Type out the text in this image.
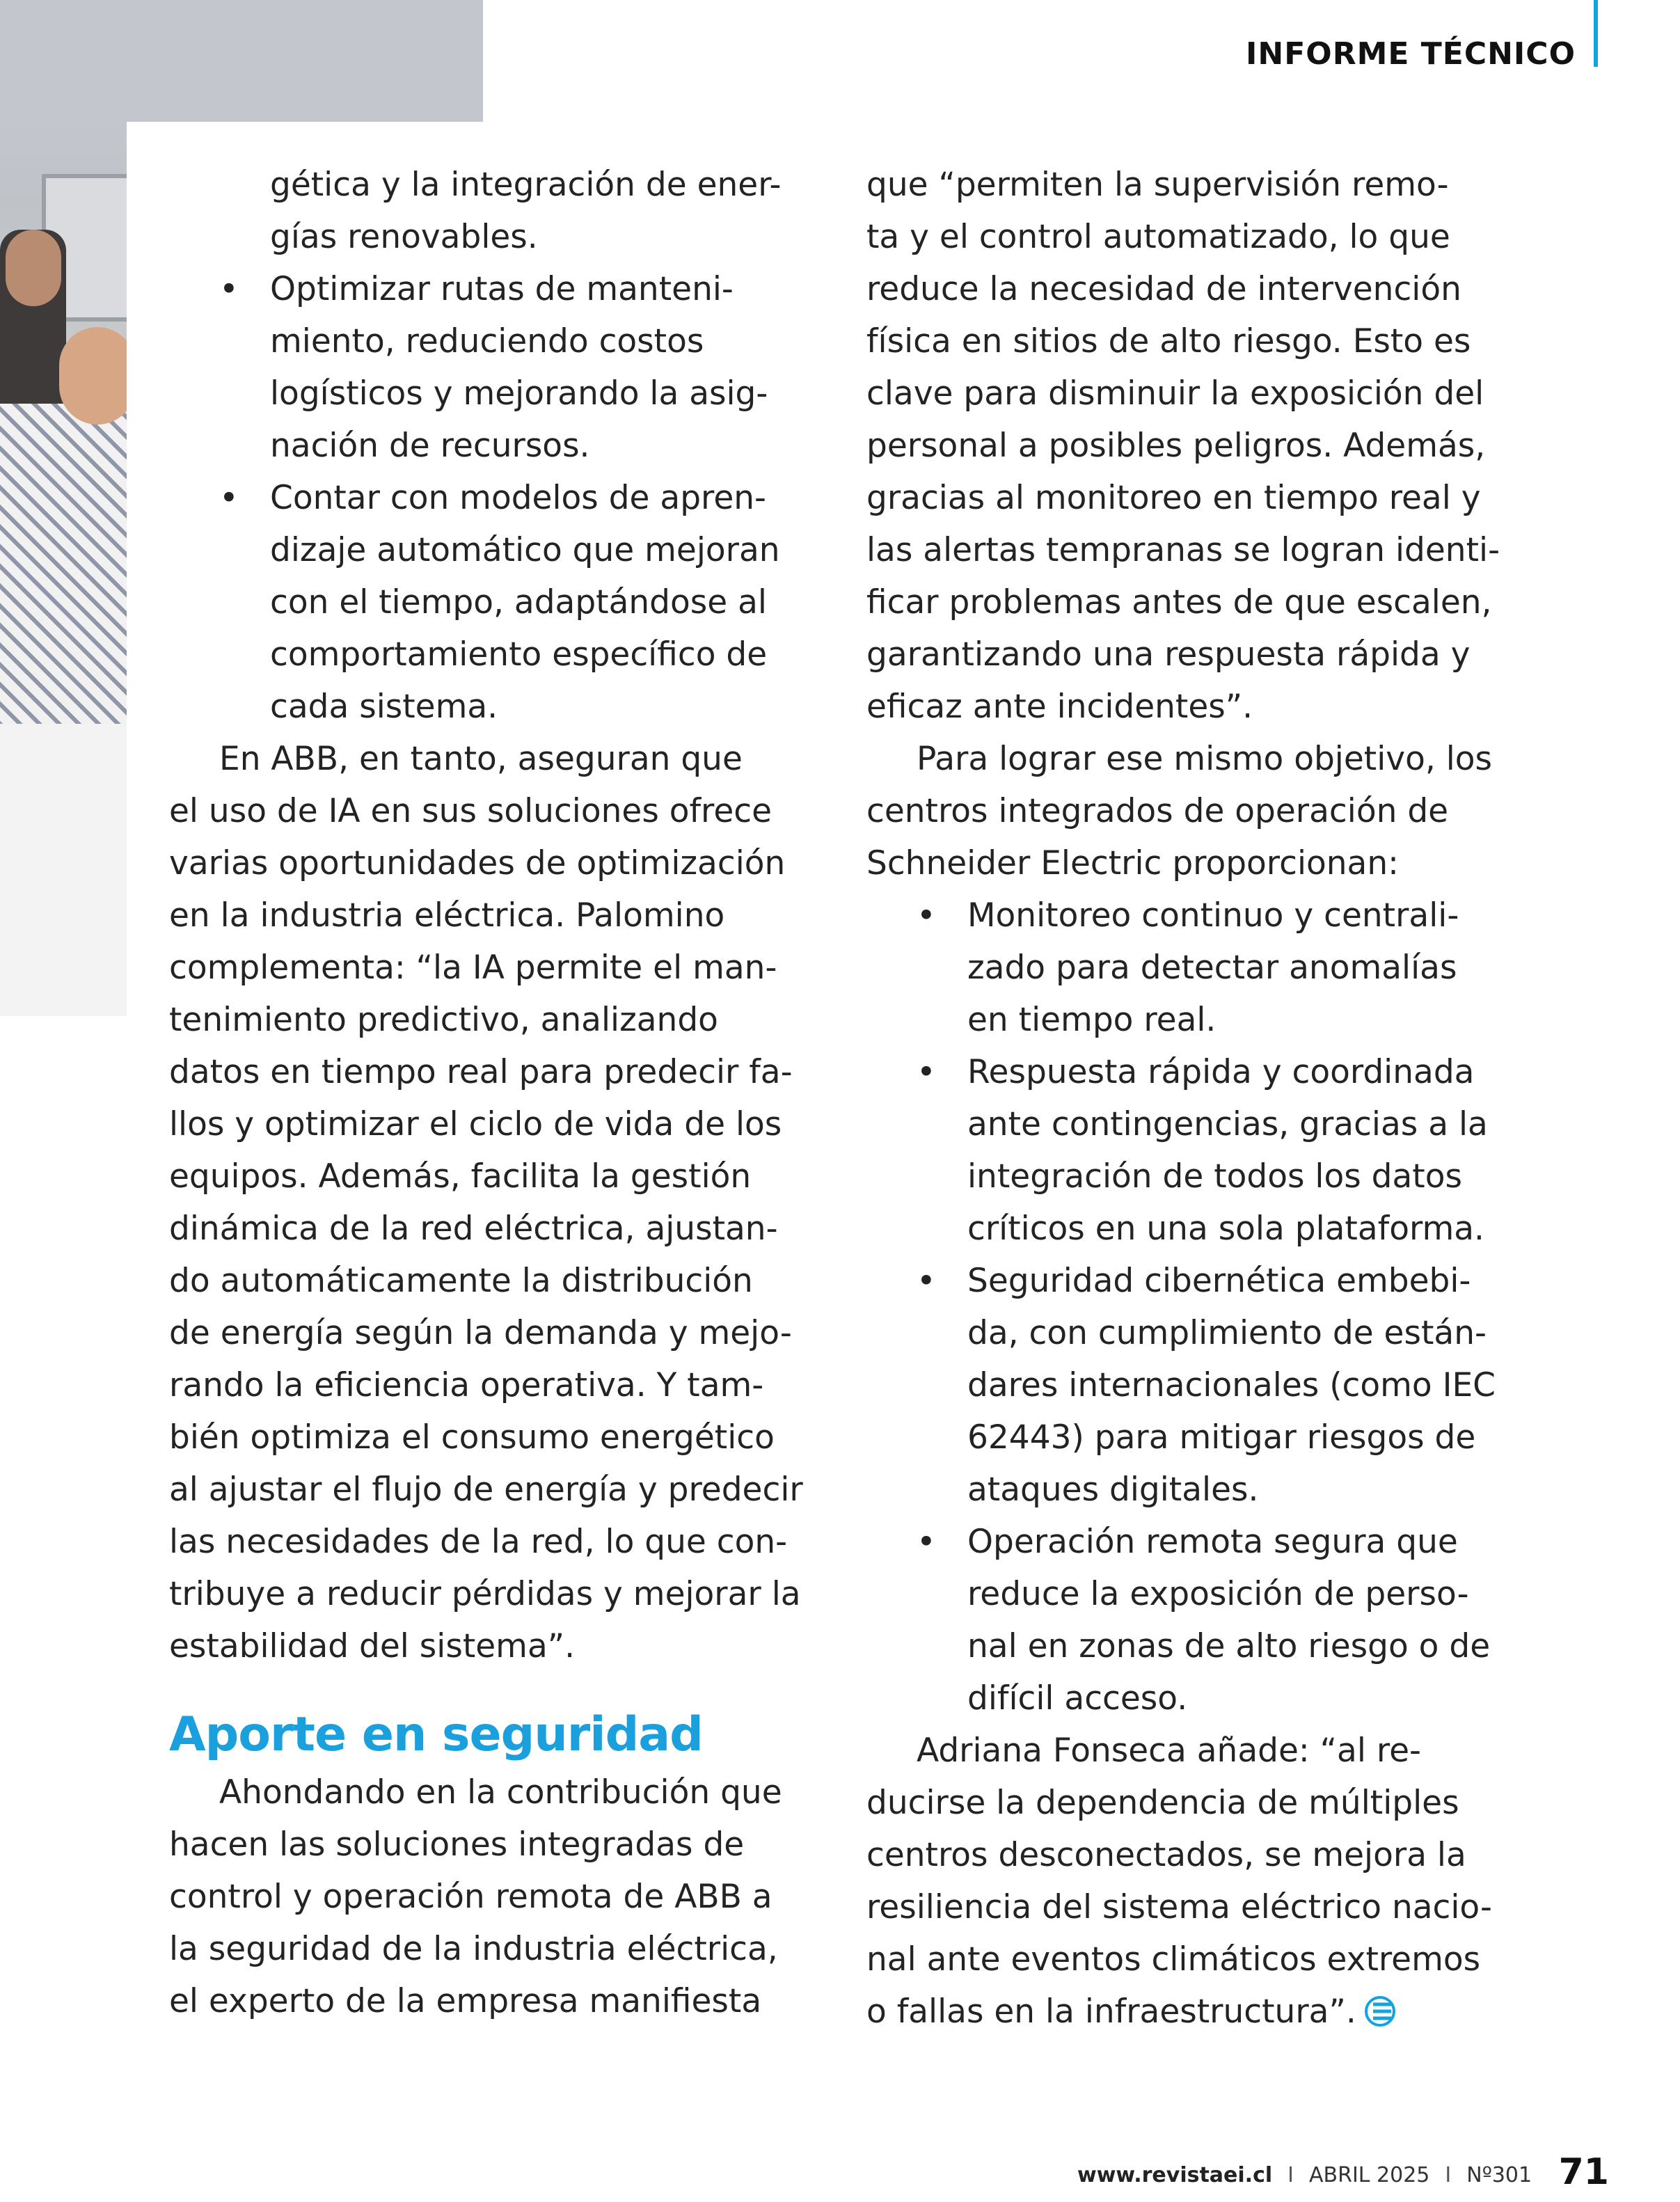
INFORME TÉCNICO
gética y la integración de ener-
gías renovables.
• Optimizar rutas de manteni-
miento, reduciendo costos
logísticos y mejorando la asig-
nación de recursos.
• Contar con modelos de apren-
dizaje automático que mejoran
con el tiempo, adaptándose al
comportamiento específico de
cada sistema.
En ABB, en tanto, aseguran que
el uso de IA en sus soluciones ofrece
varias oportunidades de optimización
en la industria eléctrica. Palomino
complementa: “la IA permite el man-
tenimiento predictivo, analizando
datos en tiempo real para predecir fa-
llos y optimizar el ciclo de vida de los
equipos. Además, facilita la gestión
dinámica de la red eléctrica, ajustan-
do automáticamente la distribución
de energía según la demanda y mejo-
rando la eficiencia operativa. Y tam-
bién optimiza el consumo energético
al ajustar el flujo de energía y predecir
las necesidades de la red, lo que con-
tribuye a reducir pérdidas y mejorar la
estabilidad del sistema”.
Aporte en seguridad
Ahondando en la contribución que
hacen las soluciones integradas de
control y operación remota de ABB a
la seguridad de la industria eléctrica,
el experto de la empresa manifiesta
que “permiten la supervisión remo-
ta y el control automatizado, lo que
reduce la necesidad de intervención
física en sitios de alto riesgo. Esto es
clave para disminuir la exposición del
personal a posibles peligros. Además,
gracias al monitoreo en tiempo real y
las alertas tempranas se logran identi-
ficar problemas antes de que escalen,
garantizando una respuesta rápida y
eficaz ante incidentes”.
Para lograr ese mismo objetivo, los
centros integrados de operación de
Schneider Electric proporcionan:
• Monitoreo continuo y centrali-
zado para detectar anomalías
en tiempo real.
• Respuesta rápida y coordinada
ante contingencias, gracias a la
integración de todos los datos
críticos en una sola plataforma.
• Seguridad cibernética embebi-
da, con cumplimiento de están-
dares internacionales (como IEC
62443) para mitigar riesgos de
ataques digitales.
• Operación remota segura que
reduce la exposición de perso-
nal en zonas de alto riesgo o de
difícil acceso.
Adriana Fonseca añade: “al re-
ducirse la dependencia de múltiples
centros desconectados, se mejora la
resiliencia del sistema eléctrico nacio-
nal ante eventos climáticos extremos
o fallas en la infraestructura”.
www.revistaei.cl I ABRIL 2025 I Nº301 71
